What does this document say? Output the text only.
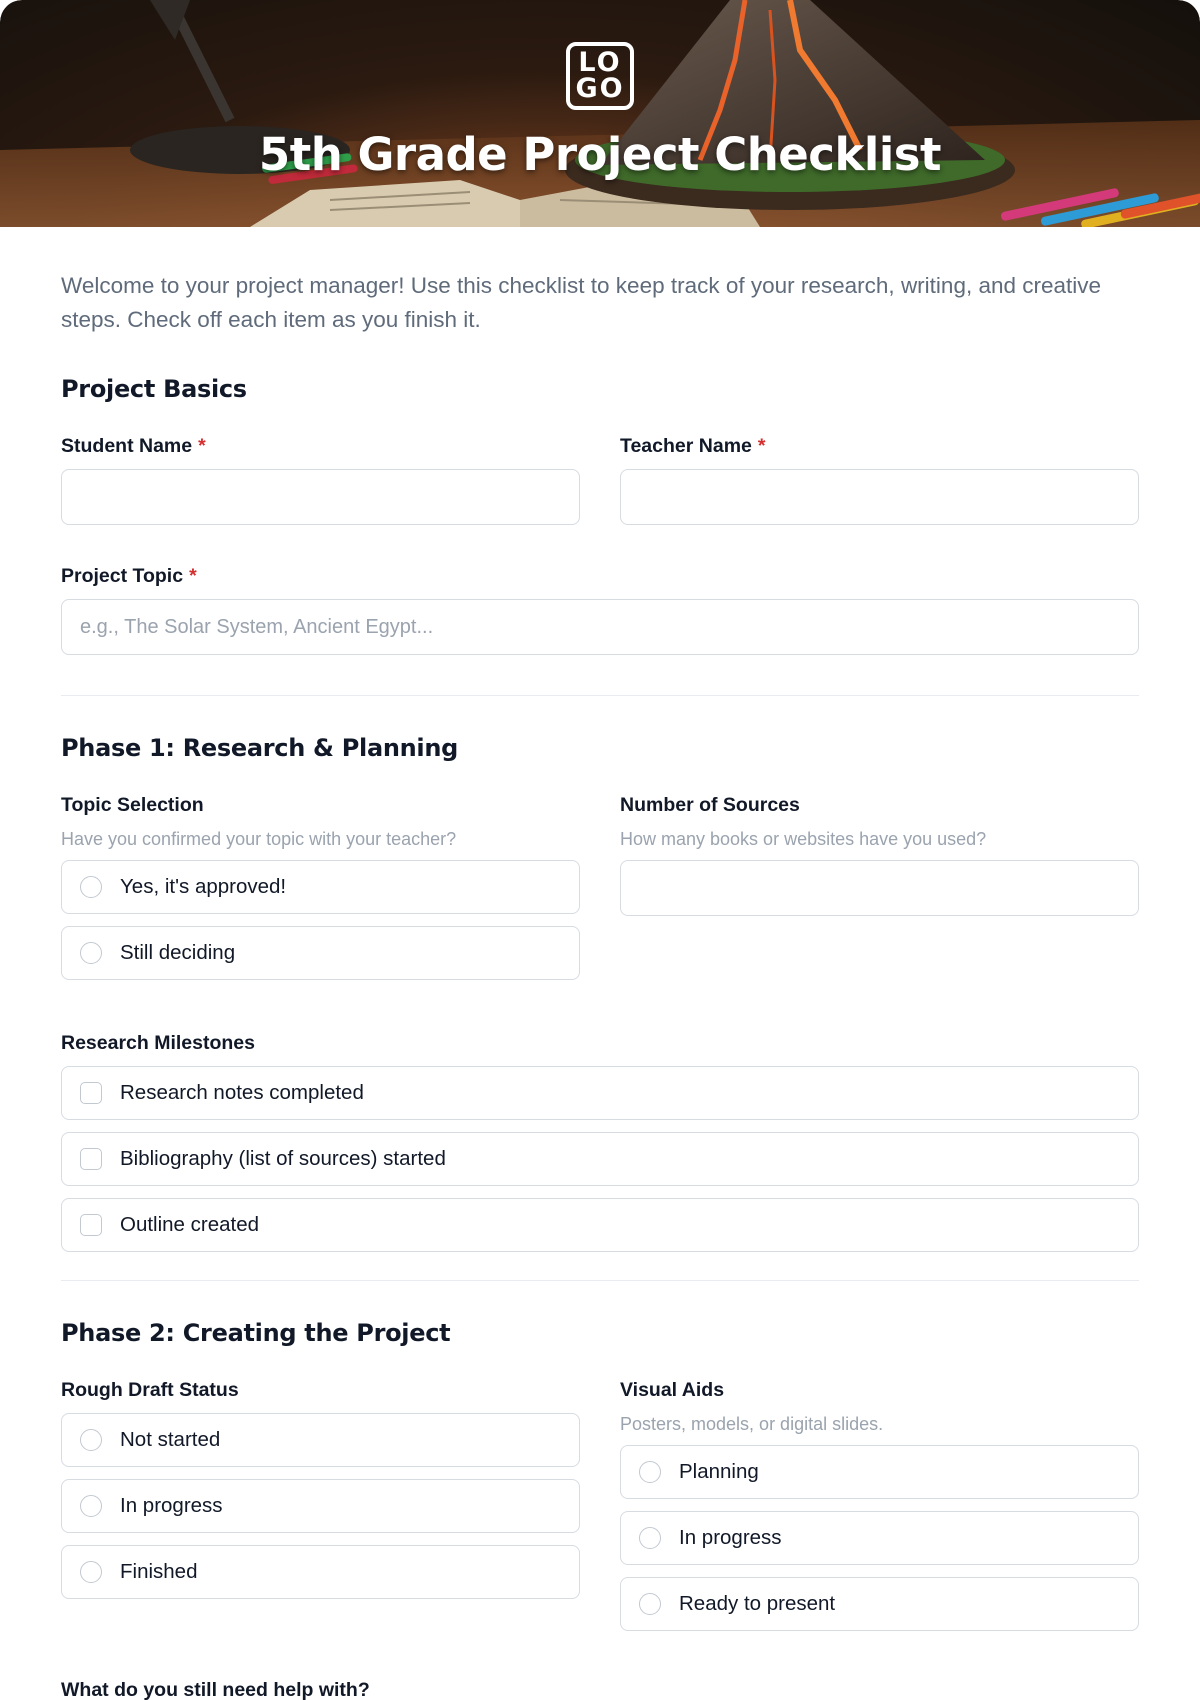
LO
GO
5th Grade Project Checklist

Welcome to your project manager! Use this checklist to keep track of your research, writing, and creative steps. Check off each item as you finish it.

Project Basics
Student Name *	Teacher Name *
Project Topic *
e.g., The Solar System, Ancient Egypt...
Phase 1: Research & Planning
Topic Selection
Have you confirmed your topic with your teacher?
Yes, it's approved!
Still deciding
Number of Sources
How many books or websites have you used?
Research Milestones
Research notes completed
Bibliography (list of sources) started
Outline created
Phase 2: Creating the Project
Rough Draft Status
Not started
In progress
Finished
Visual Aids
Posters, models, or digital slides.
Planning
In progress
Ready to present
What do you still need help with?
